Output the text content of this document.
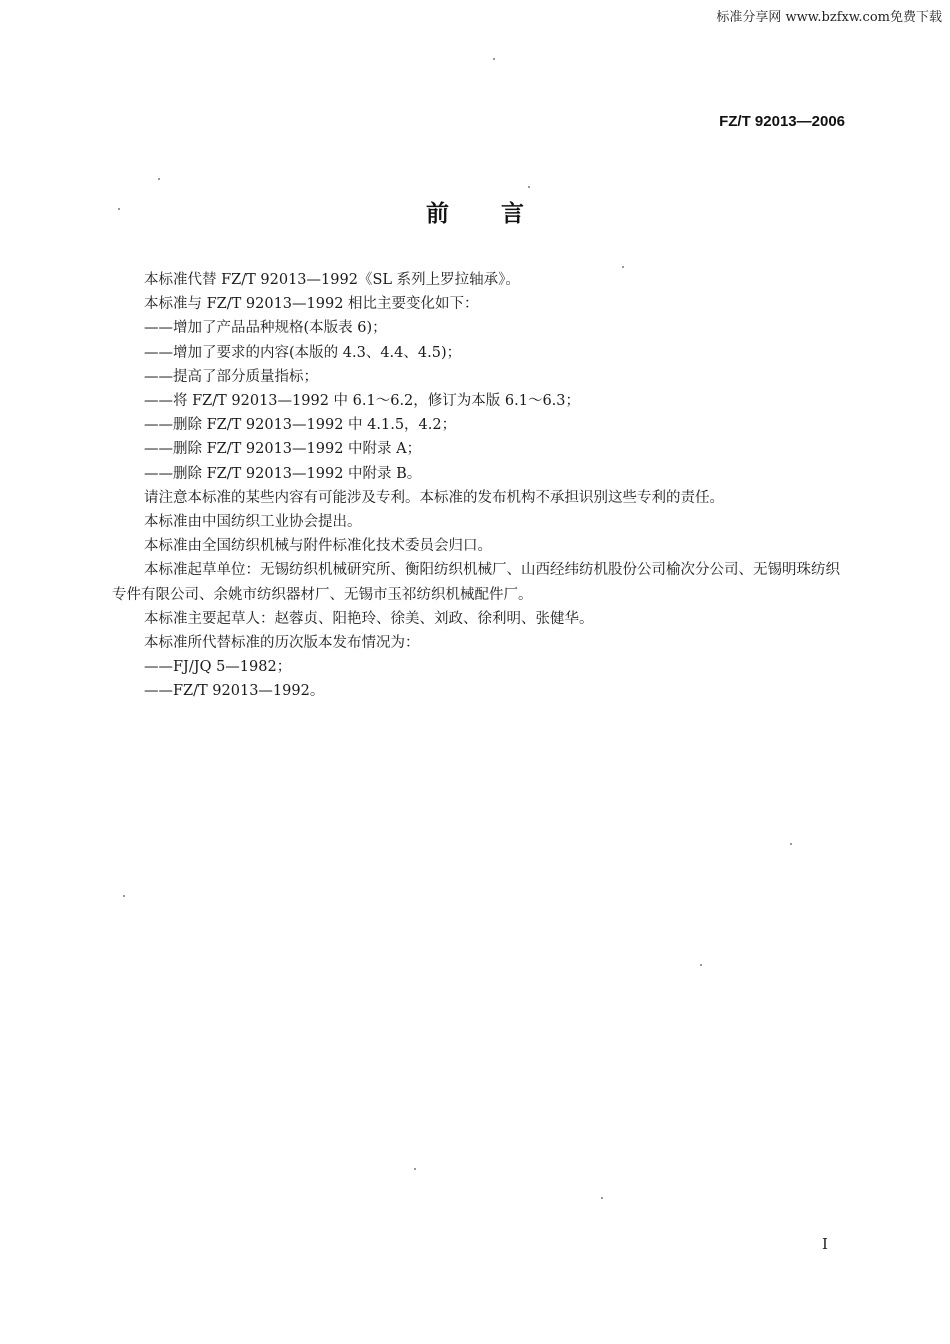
标准分享网 www.bzfxw.com免费下载
FZ/T 92013—2006
前言

本标准代替 FZ/T 92013—1992《SL 系列上罗拉轴承》。

本标准与 FZ/T 92013—1992 相比主要变化如下：

——增加了产品品种规格(本版表 6)；

——增加了要求的内容(本版的 4.3、4.4、4.5)；

——提高了部分质量指标；

——将 FZ/T 92013—1992 中 6.1～6.2，修订为本版 6.1～6.3；

——删除 FZ/T 92013—1992 中 4.1.5，4.2；

——删除 FZ/T 92013—1992 中附录 A；

——删除 FZ/T 92013—1992 中附录 B。

请注意本标准的某些内容有可能涉及专利。本标准的发布机构不承担识别这些专利的责任。

本标准由中国纺织工业协会提出。

本标准由全国纺织机械与附件标准化技术委员会归口。

本标准起草单位：无锡纺织机械研究所、衡阳纺织机械厂、山西经纬纺机股份公司榆次分公司、无锡明珠纺织专件有限公司、余姚市纺织器材厂、无锡市玉祁纺织机械配件厂。

本标准主要起草人：赵蓉贞、阳艳玲、徐美、刘政、徐利明、张健华。

本标准所代替标准的历次版本发布情况为：

——FJ/JQ 5—1982；

——FZ/T 92013—1992。

I
